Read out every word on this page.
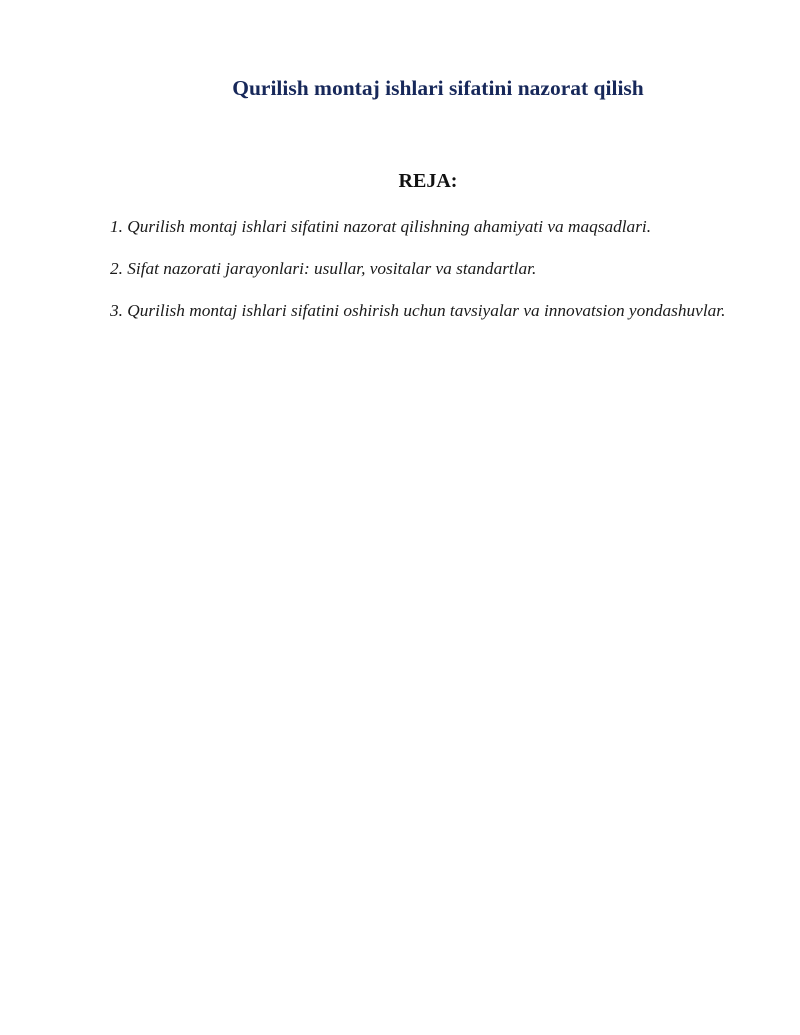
Qurilish montaj ishlari sifatini nazorat qilish
REJA:
1. Qurilish montaj ishlari sifatini nazorat qilishning ahamiyati va maqsadlari.
2. Sifat nazorati jarayonlari: usullar, vositalar va standartlar.
3. Qurilish montaj ishlari sifatini oshirish uchun tavsiyalar va innovatsion yondashuvlar.
